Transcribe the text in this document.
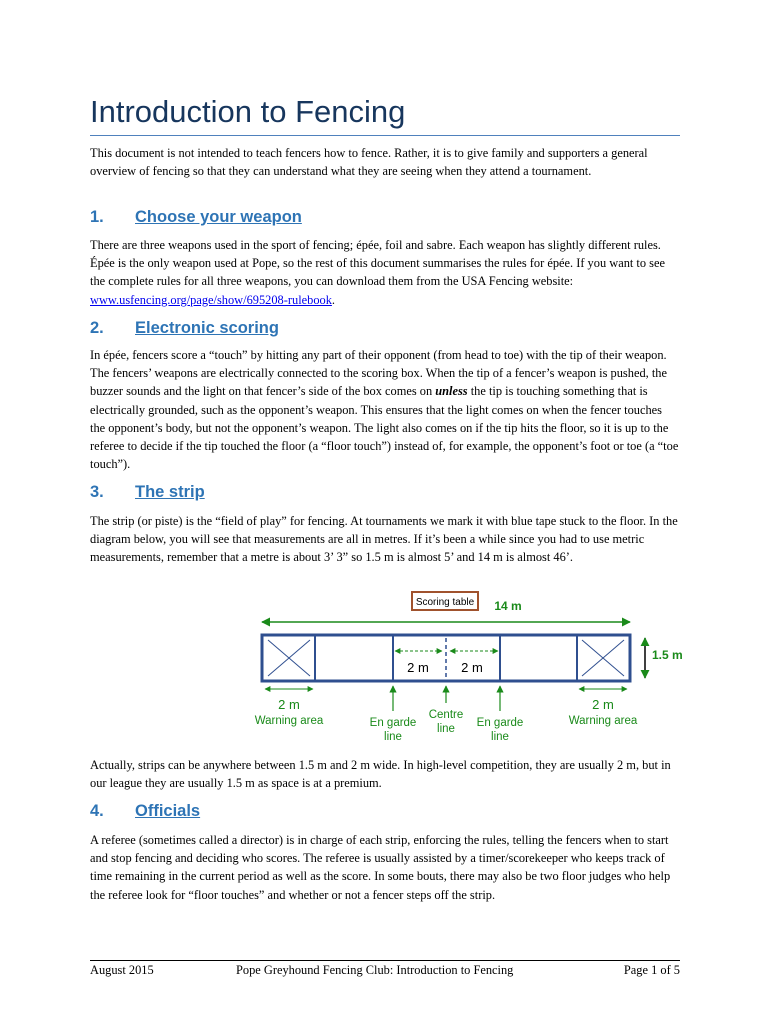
Introduction to Fencing

This document is not intended to teach fencers how to fence. Rather, it is to give family and supporters a general overview of fencing so that they can understand what they are seeing when they attend a tournament.

1. Choose your weapon

There are three weapons used in the sport of fencing; épée, foil and sabre. Each weapon has slightly different rules. Épée is the only weapon used at Pope, so the rest of this document summarises the rules for épée. If you want to see the complete rules for all three weapons, you can download them from the USA Fencing website: www.usfencing.org/page/show/695208-rulebook.

2. Electronic scoring

In épée, fencers score a “touch” by hitting any part of their opponent (from head to toe) with the tip of their weapon. The fencers’ weapons are electrically connected to the scoring box. When the tip of a fencer’s weapon is pushed, the buzzer sounds and the light on that fencer’s side of the box comes on unless the tip is touching something that is electrically grounded, such as the opponent’s weapon. This ensures that the light comes on when the fencer touches the opponent’s body, but not the opponent’s weapon. The light also comes on if the tip hits the floor, so it is up to the referee to decide if the tip touched the floor (a “floor touch”) instead of, for example, the opponent’s foot or toe (a “toe touch”).

3. The strip

The strip (or piste) is the “field of play” for fencing. At tournaments we mark it with blue tape stuck to the floor. In the diagram below, you will see that measurements are all in metres. If it’s been a while since you had to use metric measurements, remember that a metre is about 3’ 3” so 1.5 m is almost 5’ and 14 m is almost 46’.

Scoring table 14 m
2 m 2 m
2 m	2 m
Warning area	Warning area
En garde
line
Centre
line En garde
line
1.5 m

Actually, strips can be anywhere between 1.5 m and 2 m wide. In high-level competition, they are usually 2 m, but in our league they are usually 1.5 m as space is at a premium.

4. Officials

A referee (sometimes called a director) is in charge of each strip, enforcing the rules, telling the fencers when to start and stop fencing and deciding who scores. The referee is usually assisted by a timer/scorekeeper who keeps track of time remaining in the current period as well as the score. In some bouts, there may also be two floor judges who help the referee look for “floor touches” and whether or not a fencer steps off the strip.

August 2015	Pope Greyhound Fencing Club: Introduction to Fencing	Page 1 of 5
